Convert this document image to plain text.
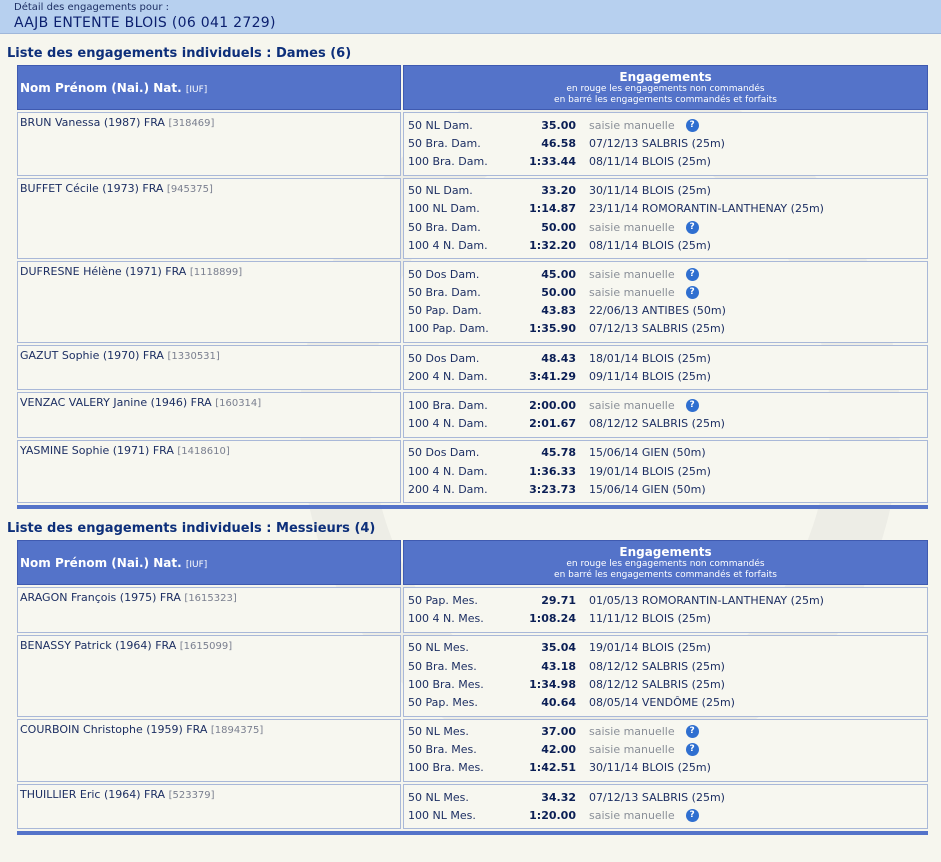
Détail des engagements pour :
AAJB ENTENTE BLOIS (06 041 2729)
Liste des engagements individuels : Dames (6)
Nom Prénom (Nai.) Nat. [IUF]
Engagements
en rouge les engagements non commandés
en barré les engagements commandés et forfaits
BRUN Vanessa (1987) FRA [318469]	50 NL Dam.	35.00	saisie manuelle	?
50 Bra. Dam.	46.58	07/12/13 SALBRIS (25m)
100 Bra. Dam.	1:33.44	08/11/14 BLOIS (25m)
BUFFET Cécile (1973) FRA [945375]	50 NL Dam.	33.20	30/11/14 BLOIS (25m)
100 NL Dam.	1:14.87	23/11/14 ROMORANTIN-LANTHENAY (25m)
50 Bra. Dam.	50.00	saisie manuelle	?
100 4 N. Dam.	1:32.20	08/11/14 BLOIS (25m)
DUFRESNE Hélène (1971) FRA [1118899]	50 Dos Dam.	45.00	saisie manuelle	?
50 Bra. Dam.	50.00	saisie manuelle	?
50 Pap. Dam.	43.83	22/06/13 ANTIBES (50m)
100 Pap. Dam.	1:35.90	07/12/13 SALBRIS (25m)
GAZUT Sophie (1970) FRA [1330531]	50 Dos Dam.	48.43	18/01/14 BLOIS (25m)
200 4 N. Dam.	3:41.29	09/11/14 BLOIS (25m)
VENZAC VALERY Janine (1946) FRA [160314]	100 Bra. Dam.	2:00.00	saisie manuelle	?
100 4 N. Dam.	2:01.67	08/12/12 SALBRIS (25m)
YASMINE Sophie (1971) FRA [1418610]	50 Dos Dam.	45.78	15/06/14 GIEN (50m)
100 4 N. Dam.	1:36.33	19/01/14 BLOIS (25m)
200 4 N. Dam.	3:23.73	15/06/14 GIEN (50m)
Liste des engagements individuels : Messieurs (4)
Nom Prénom (Nai.) Nat. [IUF]
Engagements
en rouge les engagements non commandés
en barré les engagements commandés et forfaits
ARAGON François (1975) FRA [1615323]	50 Pap. Mes.	29.71	01/05/13 ROMORANTIN-LANTHENAY (25m)
100 4 N. Mes.	1:08.24	11/11/12 BLOIS (25m)
BENASSY Patrick (1964) FRA [1615099]	50 NL Mes.	35.04	19/01/14 BLOIS (25m)
50 Bra. Mes.	43.18	08/12/12 SALBRIS (25m)
100 Bra. Mes.	1:34.98	08/12/12 SALBRIS (25m)
50 Pap. Mes.	40.64	08/05/14 VENDÔME (25m)
COURBOIN Christophe (1959) FRA [1894375]	50 NL Mes.	37.00	saisie manuelle	?
50 Bra. Mes.	42.00	saisie manuelle	?
100 Bra. Mes.	1:42.51	30/11/14 BLOIS (25m)
THUILLIER Eric (1964) FRA [523379]	50 NL Mes.	34.32	07/12/13 SALBRIS (25m)
100 NL Mes.	1:20.00	saisie manuelle	?
